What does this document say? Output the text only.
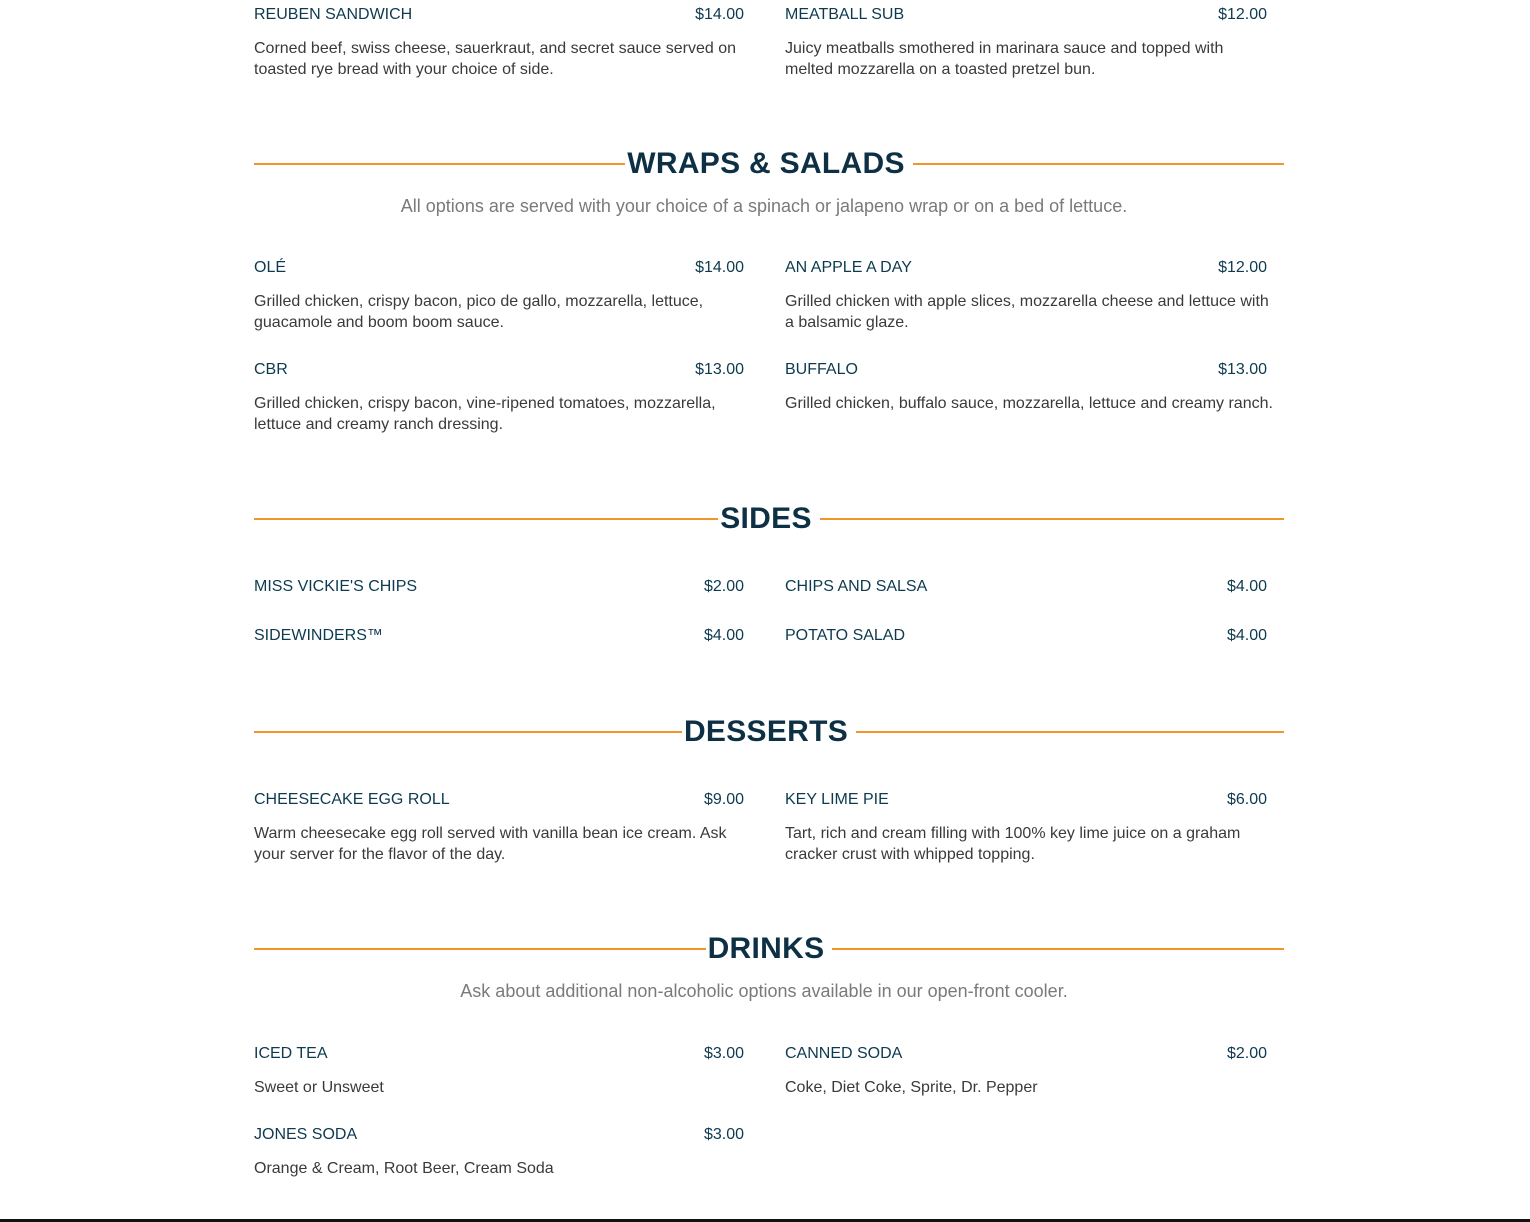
REUBEN SANDWICH	$14.00
Corned beef, swiss cheese, sauerkraut, and secret sauce served on toasted rye bread with your choice of side.
MEATBALL SUB	$12.00
Juicy meatballs smothered in marinara sauce and topped with melted mozzarella on a toasted pretzel bun.
WRAPS & SALADS
All options are served with your choice of a spinach or jalapeno wrap or on a bed of lettuce.
OLÉ	$14.00
Grilled chicken, crispy bacon, pico de gallo, mozzarella, lettuce, guacamole and boom boom sauce.
AN APPLE A DAY	$12.00
Grilled chicken with apple slices, mozzarella cheese and lettuce with a balsamic glaze.
CBR	$13.00
Grilled chicken, crispy bacon, vine-ripened tomatoes, mozzarella, lettuce and creamy ranch dressing.
BUFFALO	$13.00
Grilled chicken, buffalo sauce, mozzarella, lettuce and creamy ranch.
SIDES
MISS VICKIE'S CHIPS	$2.00	CHIPS AND SALSA	$4.00
SIDEWINDERS™	$4.00	POTATO SALAD	$4.00
DESSERTS
CHEESECAKE EGG ROLL	$9.00
Warm cheesecake egg roll served with vanilla bean ice cream. Ask your server for the flavor of the day.
KEY LIME PIE	$6.00
Tart, rich and cream filling with 100% key lime juice on a graham cracker crust with whipped topping.
DRINKS
Ask about additional non-alcoholic options available in our open-front cooler.
ICED TEA	$3.00
Sweet or Unsweet
CANNED SODA	$2.00
Coke, Diet Coke, Sprite, Dr. Pepper
JONES SODA	$3.00
Orange & Cream, Root Beer, Cream Soda
